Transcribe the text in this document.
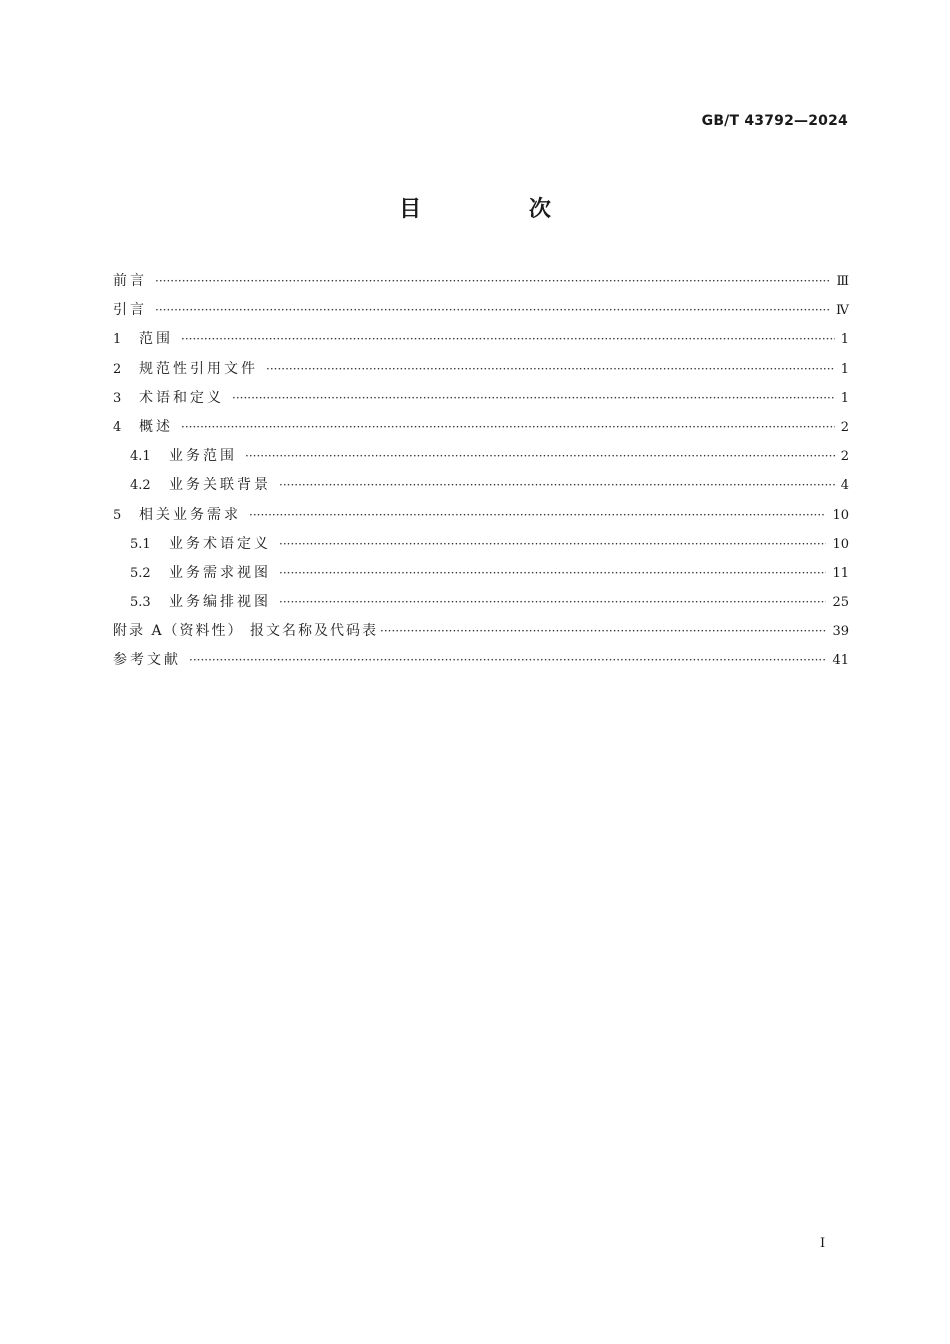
GB/T 43792—2024
目 次
前言 ·····	Ⅲ
引言 ·····	Ⅳ
1	范围 ·····	1
2	规范性引用文件 ·····	1
3	术语和定义 ·····	1
4	概述 ·····	2
4.1	业务范围 ·····	2
4.2	业务关联背景 ·····	4
5	相关业务需求 ·····	10
5.1	业务术语定义 ·····	10
5.2	业务需求视图 ·····	11
5.3	业务编排视图 ·····	25
附录 A（资料性） 报文名称及代码表 ·····	39
参考文献 ·····	41
I
